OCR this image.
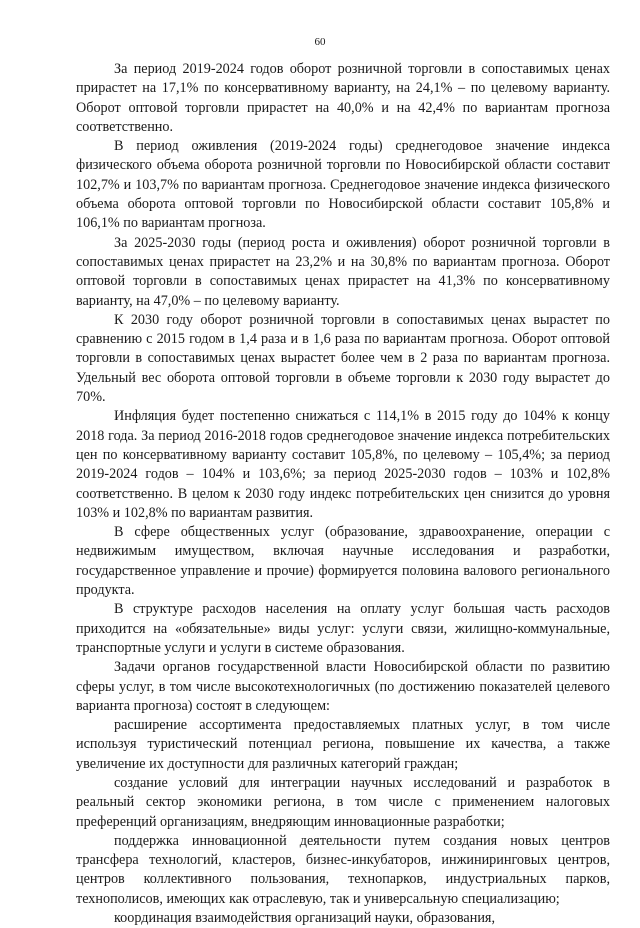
60

За период 2019-2024 годов оборот розничной торговли в сопоставимых ценах прирастет на 17,1% по консервативному варианту, на 24,1% – по целевому варианту. Оборот оптовой торговли прирастет на 40,0% и на 42,4% по вариантам прогноза соответственно.

В период оживления (2019-2024 годы) среднегодовое значение индекса физического объема оборота розничной торговли по Новосибирской области составит 102,7% и 103,7% по вариантам прогноза. Среднегодовое значение индекса физического объема оборота оптовой торговли по Новосибирской области составит 105,8% и 106,1% по вариантам прогноза.

За 2025-2030 годы (период роста и оживления) оборот розничной торговли в сопоставимых ценах прирастет на 23,2% и на 30,8% по вариантам прогноза. Оборот оптовой торговли в сопоставимых ценах прирастет на 41,3% по консервативному варианту, на 47,0% – по целевому варианту.

К 2030 году оборот розничной торговли в сопоставимых ценах вырастет по сравнению с 2015 годом в 1,4 раза и в 1,6 раза по вариантам прогноза. Оборот оптовой торговли в сопоставимых ценах вырастет более чем в 2 раза по вариантам прогноза. Удельный вес оборота оптовой торговли в объеме торговли к 2030 году вырастет до 70%.

Инфляция будет постепенно снижаться с 114,1% в 2015 году до 104% к концу 2018 года. За период 2016-2018 годов среднегодовое значение индекса потребительских цен по консервативному варианту составит 105,8%, по целевому – 105,4%; за период 2019-2024 годов – 104% и 103,6%; за период 2025-2030 годов – 103% и 102,8% соответственно. В целом к 2030 году индекс потребительских цен снизится до уровня 103% и 102,8% по вариантам развития.

В сфере общественных услуг (образование, здравоохранение, операции с недвижимым имуществом, включая научные исследования и разработки, государственное управление и прочие) формируется половина валового регионального продукта.

В структуре расходов населения на оплату услуг большая часть расходов приходится на «обязательные» виды услуг: услуги связи, жилищно-коммунальные, транспортные услуги и услуги в системе образования.

Задачи органов государственной власти Новосибирской области по развитию сферы услуг, в том числе высокотехнологичных (по достижению показателей целевого варианта прогноза) состоят в следующем:

расширение ассортимента предоставляемых платных услуг, в том числе используя туристический потенциал региона, повышение их качества, а также увеличение их доступности для различных категорий граждан;

создание условий для интеграции научных исследований и разработок в реальный сектор экономики региона, в том числе с применением налоговых преференций организациям, внедряющим инновационные разработки;

поддержка инновационной деятельности путем создания новых центров трансфера технологий, кластеров, бизнес-инкубаторов, инжиниринговых центров, центров коллективного пользования, технопарков, индустриальных парков, технополисов, имеющих как отраслевую, так и универсальную специализацию;

координация взаимодействия организаций науки, образования,
